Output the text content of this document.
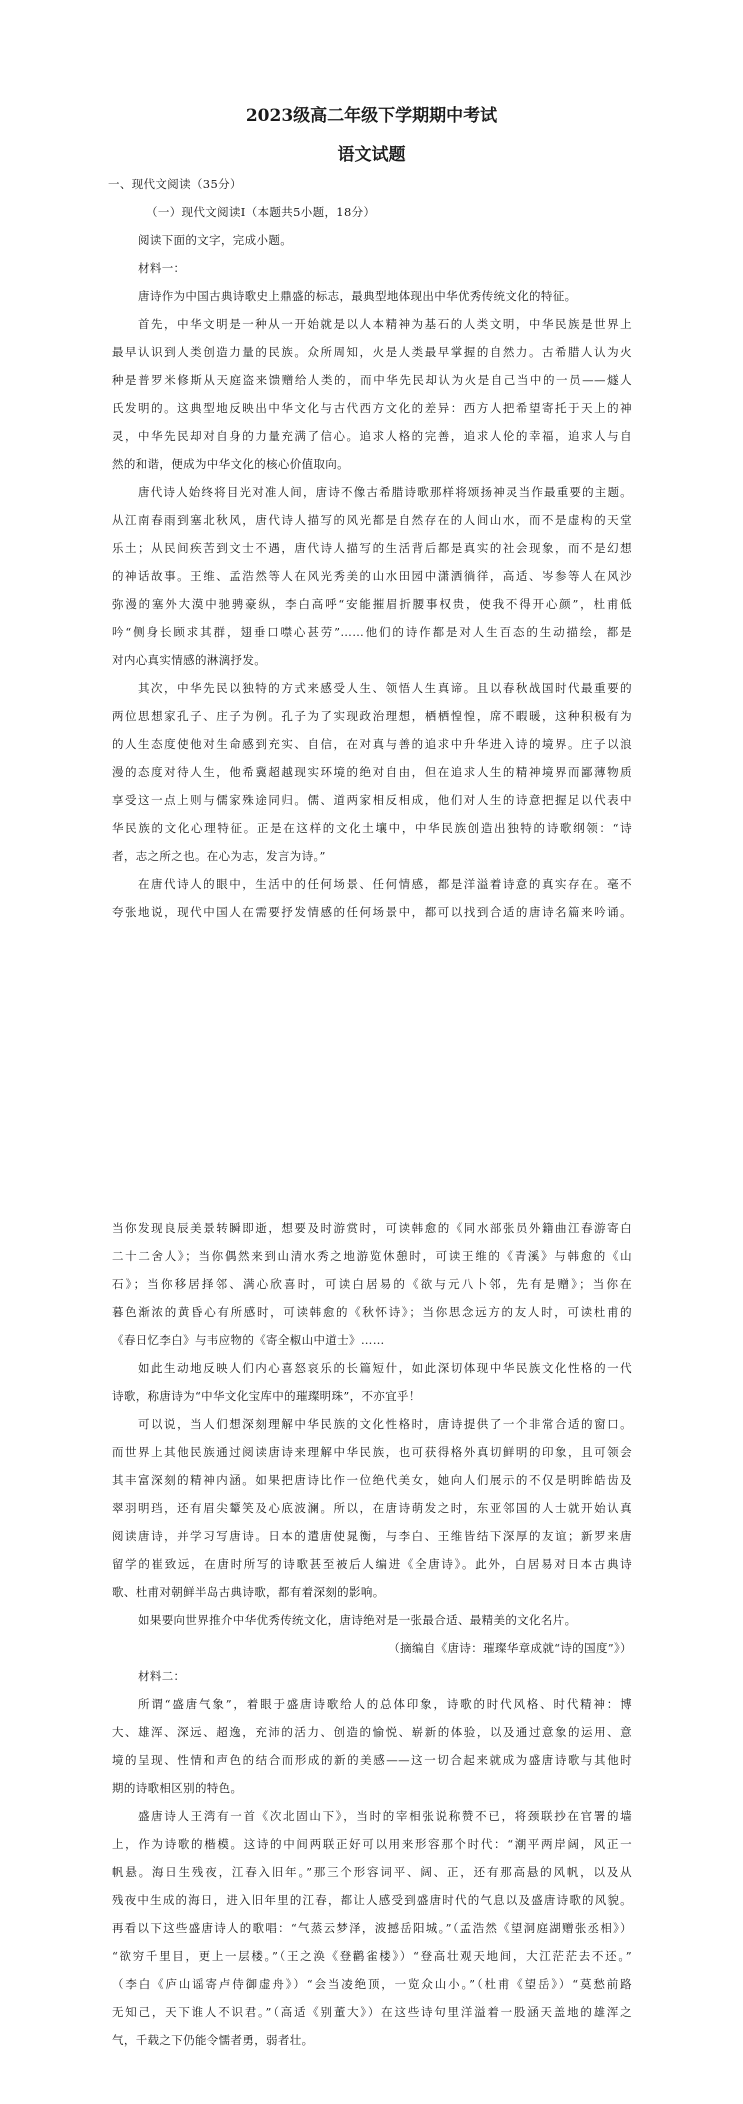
2023级高二年级下学期期中考试
语文试题
一、现代文阅读（35分）
（一）现代文阅读Ⅰ（本题共5小题，18分）
阅读下面的文字，完成小题。
材料一：
唐诗作为中国古典诗歌史上鼎盛的标志，最典型地体现出中华优秀传统文化的特征。
首先，中华文明是一种从一开始就是以人本精神为基石的人类文明，中华民族是世界上
最早认识到人类创造力量的民族。众所周知，火是人类最早掌握的自然力。古希腊人认为火
种是普罗米修斯从天庭盗来馈赠给人类的，而中华先民却认为火是自己当中的一员——燧人
氏发明的。这典型地反映出中华文化与古代西方文化的差异：西方人把希望寄托于天上的神
灵，中华先民却对自身的力量充满了信心。追求人格的完善，追求人伦的幸福，追求人与自
然的和谐，便成为中华文化的核心价值取向。
唐代诗人始终将目光对准人间，唐诗不像古希腊诗歌那样将颂扬神灵当作最重要的主题。
从江南春雨到塞北秋风，唐代诗人描写的风光都是自然存在的人间山水，而不是虚构的天堂
乐土；从民间疾苦到文士不遇，唐代诗人描写的生活背后都是真实的社会现象，而不是幻想
的神话故事。王维、孟浩然等人在风光秀美的山水田园中潇洒徜徉，高适、岑参等人在风沙
弥漫的塞外大漠中驰骋豪纵，李白高呼“安能摧眉折腰事权贵，使我不得开心颜”，杜甫低
吟“侧身长顾求其群，翅垂口噤心甚劳”……他们的诗作都是对人生百态的生动描绘，都是
对内心真实情感的淋漓抒发。
其次，中华先民以独特的方式来感受人生、领悟人生真谛。且以春秋战国时代最重要的
两位思想家孔子、庄子为例。孔子为了实现政治理想，栖栖惶惶，席不暇暖，这种积极有为
的人生态度使他对生命感到充实、自信，在对真与善的追求中升华进入诗的境界。庄子以浪
漫的态度对待人生，他希冀超越现实环境的绝对自由，但在追求人生的精神境界而鄙薄物质
享受这一点上则与儒家殊途同归。儒、道两家相反相成，他们对人生的诗意把握足以代表中
华民族的文化心理特征。正是在这样的文化土壤中，中华民族创造出独特的诗歌纲领：“诗
者，志之所之也。在心为志，发言为诗。”
在唐代诗人的眼中，生活中的任何场景、任何情感，都是洋溢着诗意的真实存在。毫不
夸张地说，现代中国人在需要抒发情感的任何场景中，都可以找到合适的唐诗名篇来吟诵。
当你发现良辰美景转瞬即逝，想要及时游赏时，可读韩愈的《同水部张员外籍曲江春游寄白
二十二舍人》；当你偶然来到山清水秀之地游览休憩时，可读王维的《青溪》与韩愈的《山
石》；当你移居择邻、满心欣喜时，可读白居易的《欲与元八卜邻，先有是赠》；当你在
暮色渐浓的黄昏心有所感时，可读韩愈的《秋怀诗》；当你思念远方的友人时，可读杜甫的
《春日忆李白》与韦应物的《寄全椒山中道士》……
如此生动地反映人们内心喜怒哀乐的长篇短什，如此深切体现中华民族文化性格的一代
诗歌，称唐诗为“中华文化宝库中的璀璨明珠”，不亦宜乎！
可以说，当人们想深刻理解中华民族的文化性格时，唐诗提供了一个非常合适的窗口。
而世界上其他民族通过阅读唐诗来理解中华民族，也可获得格外真切鲜明的印象，且可领会
其丰富深刻的精神内涵。如果把唐诗比作一位绝代美女，她向人们展示的不仅是明眸皓齿及
翠羽明珰，还有眉尖颦笑及心底波澜。所以，在唐诗萌发之时，东亚邻国的人士就开始认真
阅读唐诗，并学习写唐诗。日本的遣唐使晁衡，与李白、王维皆结下深厚的友谊；新罗来唐
留学的崔致远，在唐时所写的诗歌甚至被后人编进《全唐诗》。此外，白居易对日本古典诗
歌、杜甫对朝鲜半岛古典诗歌，都有着深刻的影响。
如果要向世界推介中华优秀传统文化，唐诗绝对是一张最合适、最精美的文化名片。
（摘编自《唐诗：璀璨华章成就“诗的国度”》）
材料二：
所谓“盛唐气象”，着眼于盛唐诗歌给人的总体印象，诗歌的时代风格、时代精神：博
大、雄浑、深远、超逸，充沛的活力、创造的愉悦、崭新的体验，以及通过意象的运用、意
境的呈现、性情和声色的结合而形成的新的美感——这一切合起来就成为盛唐诗歌与其他时
期的诗歌相区别的特色。
盛唐诗人王湾有一首《次北固山下》，当时的宰相张说称赞不已，将颈联抄在官署的墙
上，作为诗歌的楷模。这诗的中间两联正好可以用来形容那个时代：“潮平两岸阔，风正一
帆悬。海日生残夜，江春入旧年。”那三个形容词平、阔、正，还有那高悬的风帆，以及从
残夜中生成的海日，进入旧年里的江春，都让人感受到盛唐时代的气息以及盛唐诗歌的风貌。
再看以下这些盛唐诗人的歌唱：“气蒸云梦泽，波撼岳阳城。”（孟浩然《望洞庭湖赠张丞相》）
“欲穷千里目，更上一层楼。”（王之涣《登鹳雀楼》）“登高壮观天地间，大江茫茫去不还。”
（李白《庐山谣寄卢侍御虚舟》）“会当凌绝顶，一览众山小。”（杜甫《望岳》）“莫愁前路
无知己，天下谁人不识君。”（高适《别董大》）在这些诗句里洋溢着一股涵天盖地的雄浑之
气，千载之下仍能令懦者勇，弱者壮。
